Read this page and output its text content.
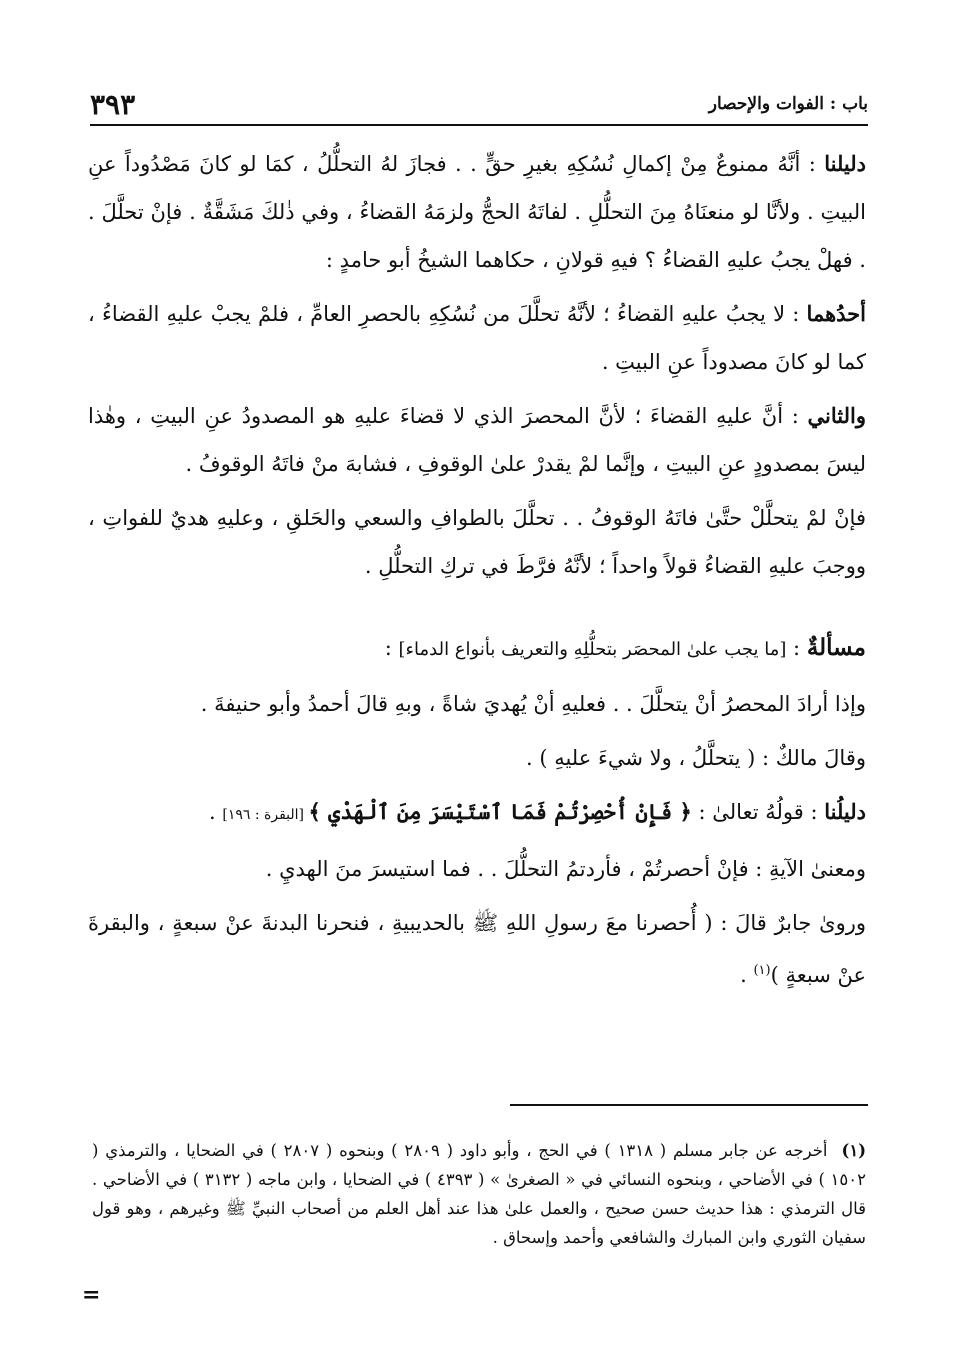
باب : الفوات والإحصار
٣٩٣

دليلنا : أنَّهُ ممنوعٌ مِنْ إكمالِ نُسُكِهِ بغيرِ حقٍّ . . فجازَ لهُ التحلُّلُ ، كمَا لو كانَ مَصْدُوداً عنِ البيتِ . ولأنَّا لو منعنَاهُ مِنَ التحلُّلِ . لفاتَهُ الحجُّ ولزمَهُ القضاءُ ، وفي ذٰلكَ مَشَقَّةٌ . فإنْ تحلَّلَ . . فهلْ يجبُ عليهِ القضاءُ ؟ فيهِ قولانِ ، حكاهما الشيخُ أبو حامدٍ :

أحدُهما : لا يجبُ عليهِ القضاءُ ؛ لأنَّهُ تحلَّلَ من نُسُكِهِ بالحصرِ العامِّ ، فلمْ يجبْ عليهِ القضاءُ ، كما لو كانَ مصدوداً عنِ البيتِ .

والثاني : أنَّ عليهِ القضاءَ ؛ لأنَّ المحصرَ الذي لا قضاءَ عليهِ هو المصدودُ عنِ البيتِ ، وهٰذا ليسَ بمصدودٍ عنِ البيتِ ، وإنَّما لمْ يقدرْ علىٰ الوقوفِ ، فشابهَ منْ فاتَهُ الوقوفُ .

فإنْ لمْ يتحلَّلْ حتَّىٰ فاتَهُ الوقوفُ . . تحلَّلَ بالطوافِ والسعي والحَلقِ ، وعليهِ هديٌ للفواتِ ، ووجبَ عليهِ القضاءُ قولاً واحداً ؛ لأنَّهُ فرَّطَ في تركِ التحلُّلِ .

مسألةٌ : [ما يجب علىٰ المحصَر بتحلُّلِهِ والتعريف بأنواع الدماء] :

وإذا أرادَ المحصرُ أنْ يتحلَّلَ . . فعليهِ أنْ يُهديَ شاةً ، وبهِ قالَ أحمدُ وأبو حنيفةَ .

وقالَ مالكٌ : ( يتحلَّلُ ، ولا شيءَ عليهِ ) .

دليلُنا : قولُهُ تعالىٰ : ﴿ فَإِنْ أُحْصِرْتُمْ فَمَا ٱسْتَيْسَرَ مِنَ ٱلْهَدْيِ ﴾ [البقرة : ١٩٦] .

ومعنىٰ الآيةِ : فإنْ أحصرتُمْ ، فأردتمُ التحلُّلَ . . فما استيسرَ منَ الهديِ .

وروىٰ جابرٌ قالَ : ( أُحصرنا معَ رسولِ اللهِ ﷺ بالحديبيةِ ، فنحرنا البدنةَ عنْ سبعةٍ ، والبقرةَ عنْ سبعةٍ )$^{(١)}$ .

(١)أخرجه عن جابر مسلم ( ١٣١٨ ) في الحج ، وأبو داود ( ٢٨٠٩ ) وبنحوه ( ٢٨٠٧ ) في الضحايا ، والترمذي ( ١٥٠٢ ) في الأضاحي ، وبنحوه النسائي في « الصغرىٰ » ( ٤٣٩٣ ) في الضحايا ، وابن ماجه ( ٣١٣٢ ) في الأضاحي . قال الترمذي : هذا حديث حسن صحيح ، والعمل علىٰ هذا عند أهل العلم من أصحاب النبيِّ ﷺ وغيرهم ، وهو قول سفيان الثوري وابن المبارك والشافعي وأحمد وإسحاق .
=
